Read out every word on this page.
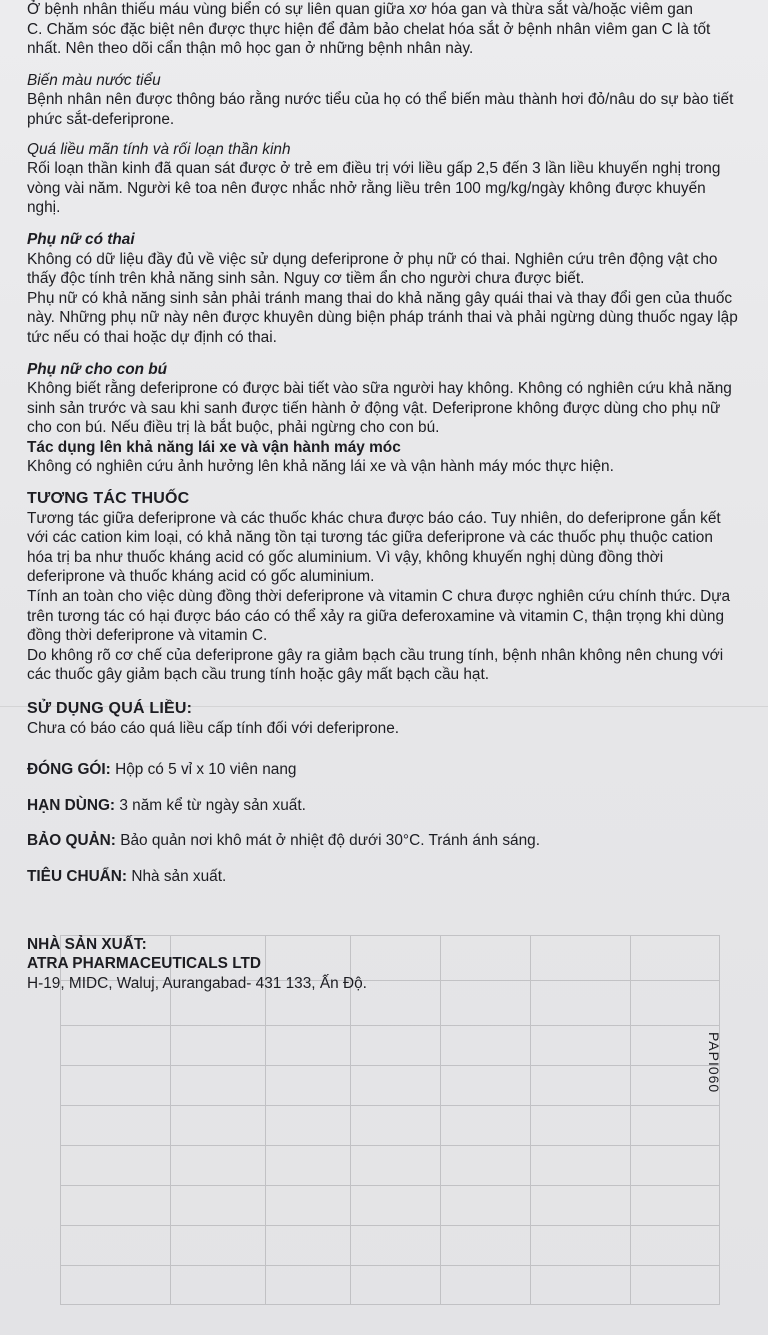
Ở bệnh nhân thiếu máu vùng biển có sự liên quan giữa xơ hóa gan và thừa sắt và/hoặc viêm gan

C. Chăm sóc đặc biệt nên được thực hiện để đảm bảo chelat hóa sắt ở bệnh nhân viêm gan C là tốt nhất. Nên theo dõi cẩn thận mô học gan ở những bệnh nhân này.

Biến màu nước tiểu

Bệnh nhân nên được thông báo rằng nước tiểu của họ có thể biến màu thành hơi đỏ/nâu do sự bào tiết phức sắt-deferiprone.

Quá liều mãn tính và rối loạn thần kinh

Rối loạn thần kinh đã quan sát được ở trẻ em điều trị với liều gấp 2,5 đến 3 lần liều khuyến nghị trong vòng vài năm. Người kê toa nên được nhắc nhở rằng liều trên 100 mg/kg/ngày không được khuyến nghị.

Phụ nữ có thai

Không có dữ liệu đầy đủ về việc sử dụng deferiprone ở phụ nữ có thai. Nghiên cứu trên động vật cho thấy độc tính trên khả năng sinh sản. Nguy cơ tiềm ẩn cho người chưa được biết.

Phụ nữ có khả năng sinh sản phải tránh mang thai do khả năng gây quái thai và thay đổi gen của thuốc này. Những phụ nữ này nên được khuyên dùng biện pháp tránh thai và phải ngừng dùng thuốc ngay lập tức nếu có thai hoặc dự định có thai.

Phụ nữ cho con bú

Không biết rằng deferiprone có được bài tiết vào sữa người hay không. Không có nghiên cứu khả năng sinh sản trước và sau khi sanh được tiến hành ở động vật. Deferiprone không được dùng cho phụ nữ cho con bú. Nếu điều trị là bắt buộc, phải ngừng cho con bú.

Tác dụng lên khả năng lái xe và vận hành máy móc

Không có nghiên cứu ảnh hưởng lên khả năng lái xe và vận hành máy móc thực hiện.

TƯƠNG TÁC THUỐC

Tương tác giữa deferiprone và các thuốc khác chưa được báo cáo. Tuy nhiên, do deferiprone gắn kết với các cation kim loại, có khả năng tồn tại tương tác giữa deferiprone và các thuốc phụ thuộc cation hóa trị ba như thuốc kháng acid có gốc aluminium. Vì vậy, không khuyến nghị dùng đồng thời deferiprone và thuốc kháng acid có gốc aluminium.

Tính an toàn cho việc dùng đồng thời deferiprone và vitamin C chưa được nghiên cứu chính thức. Dựa trên tương tác có hại được báo cáo có thể xảy ra giữa deferoxamine và vitamin C, thận trọng khi dùng đồng thời deferiprone và vitamin C.

Do không rõ cơ chế của deferiprone gây ra giảm bạch cầu trung tính, bệnh nhân không nên chung với các thuốc gây giảm bạch cầu trung tính hoặc gây mất bạch cầu hạt.

SỬ DỤNG QUÁ LIỀU:

Chưa có báo cáo quá liều cấp tính đối với deferiprone.

ĐÓNG GÓI: Hộp có 5 vỉ x 10 viên nang

HẠN DÙNG: 3 năm kể từ ngày sản xuất.

BẢO QUẢN: Bảo quản nơi khô mát ở nhiệt độ dưới 30°C. Tránh ánh sáng.

TIÊU CHUẨN: Nhà sản xuất.

NHÀ SẢN XUẤT:

ATRA PHARMACEUTICALS LTD

H-19, MIDC, Waluj, Aurangabad- 431 133, Ấn Độ.

PAPI060
